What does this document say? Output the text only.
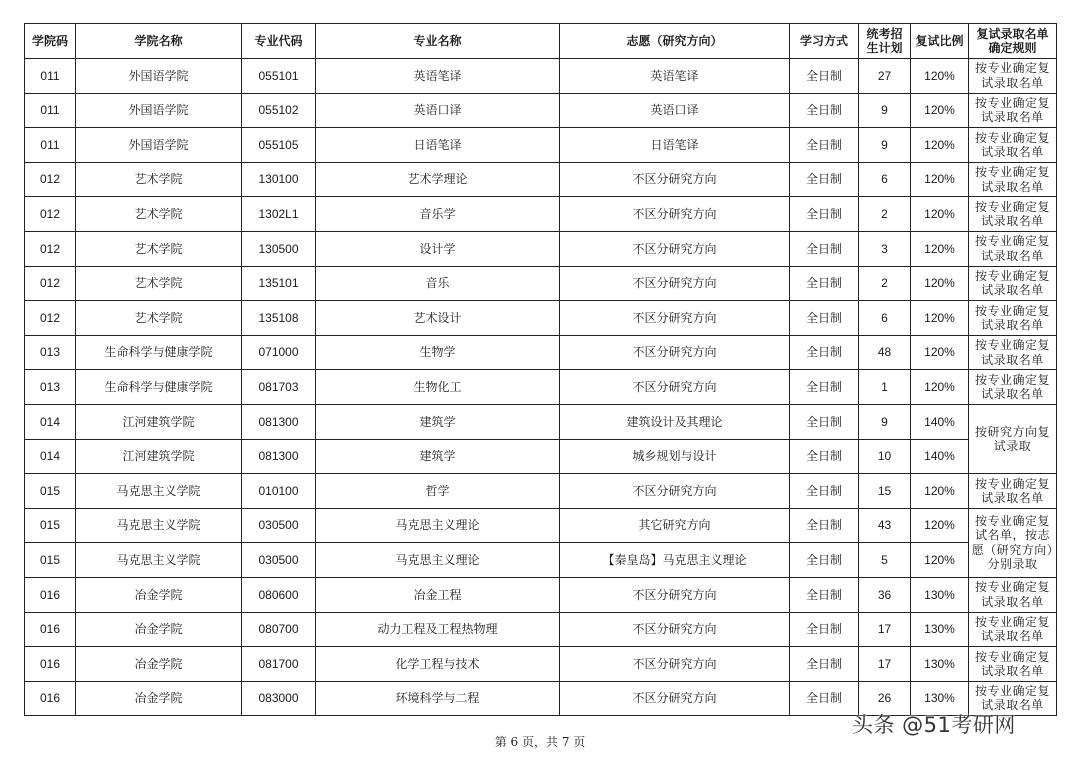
学院码	学院名称	专业代码	专业名称	志愿（研究方向）	学习方式	统考招生计划	复试比例	复试录取名单确定规则
011	外国语学院	055101	英语笔译	英语笔译	全日制	27	120%	按专业确定复试录取名单
011	外国语学院	055102	英语口译	英语口译	全日制	9	120%	按专业确定复试录取名单
011	外国语学院	055105	日语笔译	日语笔译	全日制	9	120%	按专业确定复试录取名单
012	艺术学院	130100	艺术学理论	不区分研究方向	全日制	6	120%	按专业确定复试录取名单
012	艺术学院	1302L1	音乐学	不区分研究方向	全日制	2	120%	按专业确定复试录取名单
012	艺术学院	130500	设计学	不区分研究方向	全日制	3	120%	按专业确定复试录取名单
012	艺术学院	135101	音乐	不区分研究方向	全日制	2	120%	按专业确定复试录取名单
012	艺术学院	135108	艺术设计	不区分研究方向	全日制	6	120%	按专业确定复试录取名单
013	生命科学与健康学院	071000	生物学	不区分研究方向	全日制	48	120%	按专业确定复试录取名单
013	生命科学与健康学院	081703	生物化工	不区分研究方向	全日制	1	120%	按专业确定复试录取名单
014	江河建筑学院	081300	建筑学	建筑设计及其理论	全日制	9	140%	按研究方向复试录取
014	江河建筑学院	081300	建筑学	城乡规划与设计	全日制	10	140%	
015	马克思主义学院	010100	哲学	不区分研究方向	全日制	15	120%	按专业确定复试录取名单
015	马克思主义学院	030500	马克思主义理论	其它研究方向	全日制	43	120%	按专业确定复试名单，按志愿（研究方向）分别录取
015	马克思主义学院	030500	马克思主义理论	【秦皇岛】马克思主义理论	全日制	5	120%	
016	冶金学院	080600	冶金工程	不区分研究方向	全日制	36	130%	按专业确定复试录取名单
016	冶金学院	080700	动力工程及工程热物理	不区分研究方向	全日制	17	130%	按专业确定复试录取名单
016	冶金学院	081700	化学工程与技术	不区分研究方向	全日制	17	130%	按专业确定复试录取名单
016	冶金学院	083000	环境科学与二程	不区分研究方向	全日制	26	130%	按专业确定复试录取名单
第 6 页，共 7 页
头条 @51考研网
